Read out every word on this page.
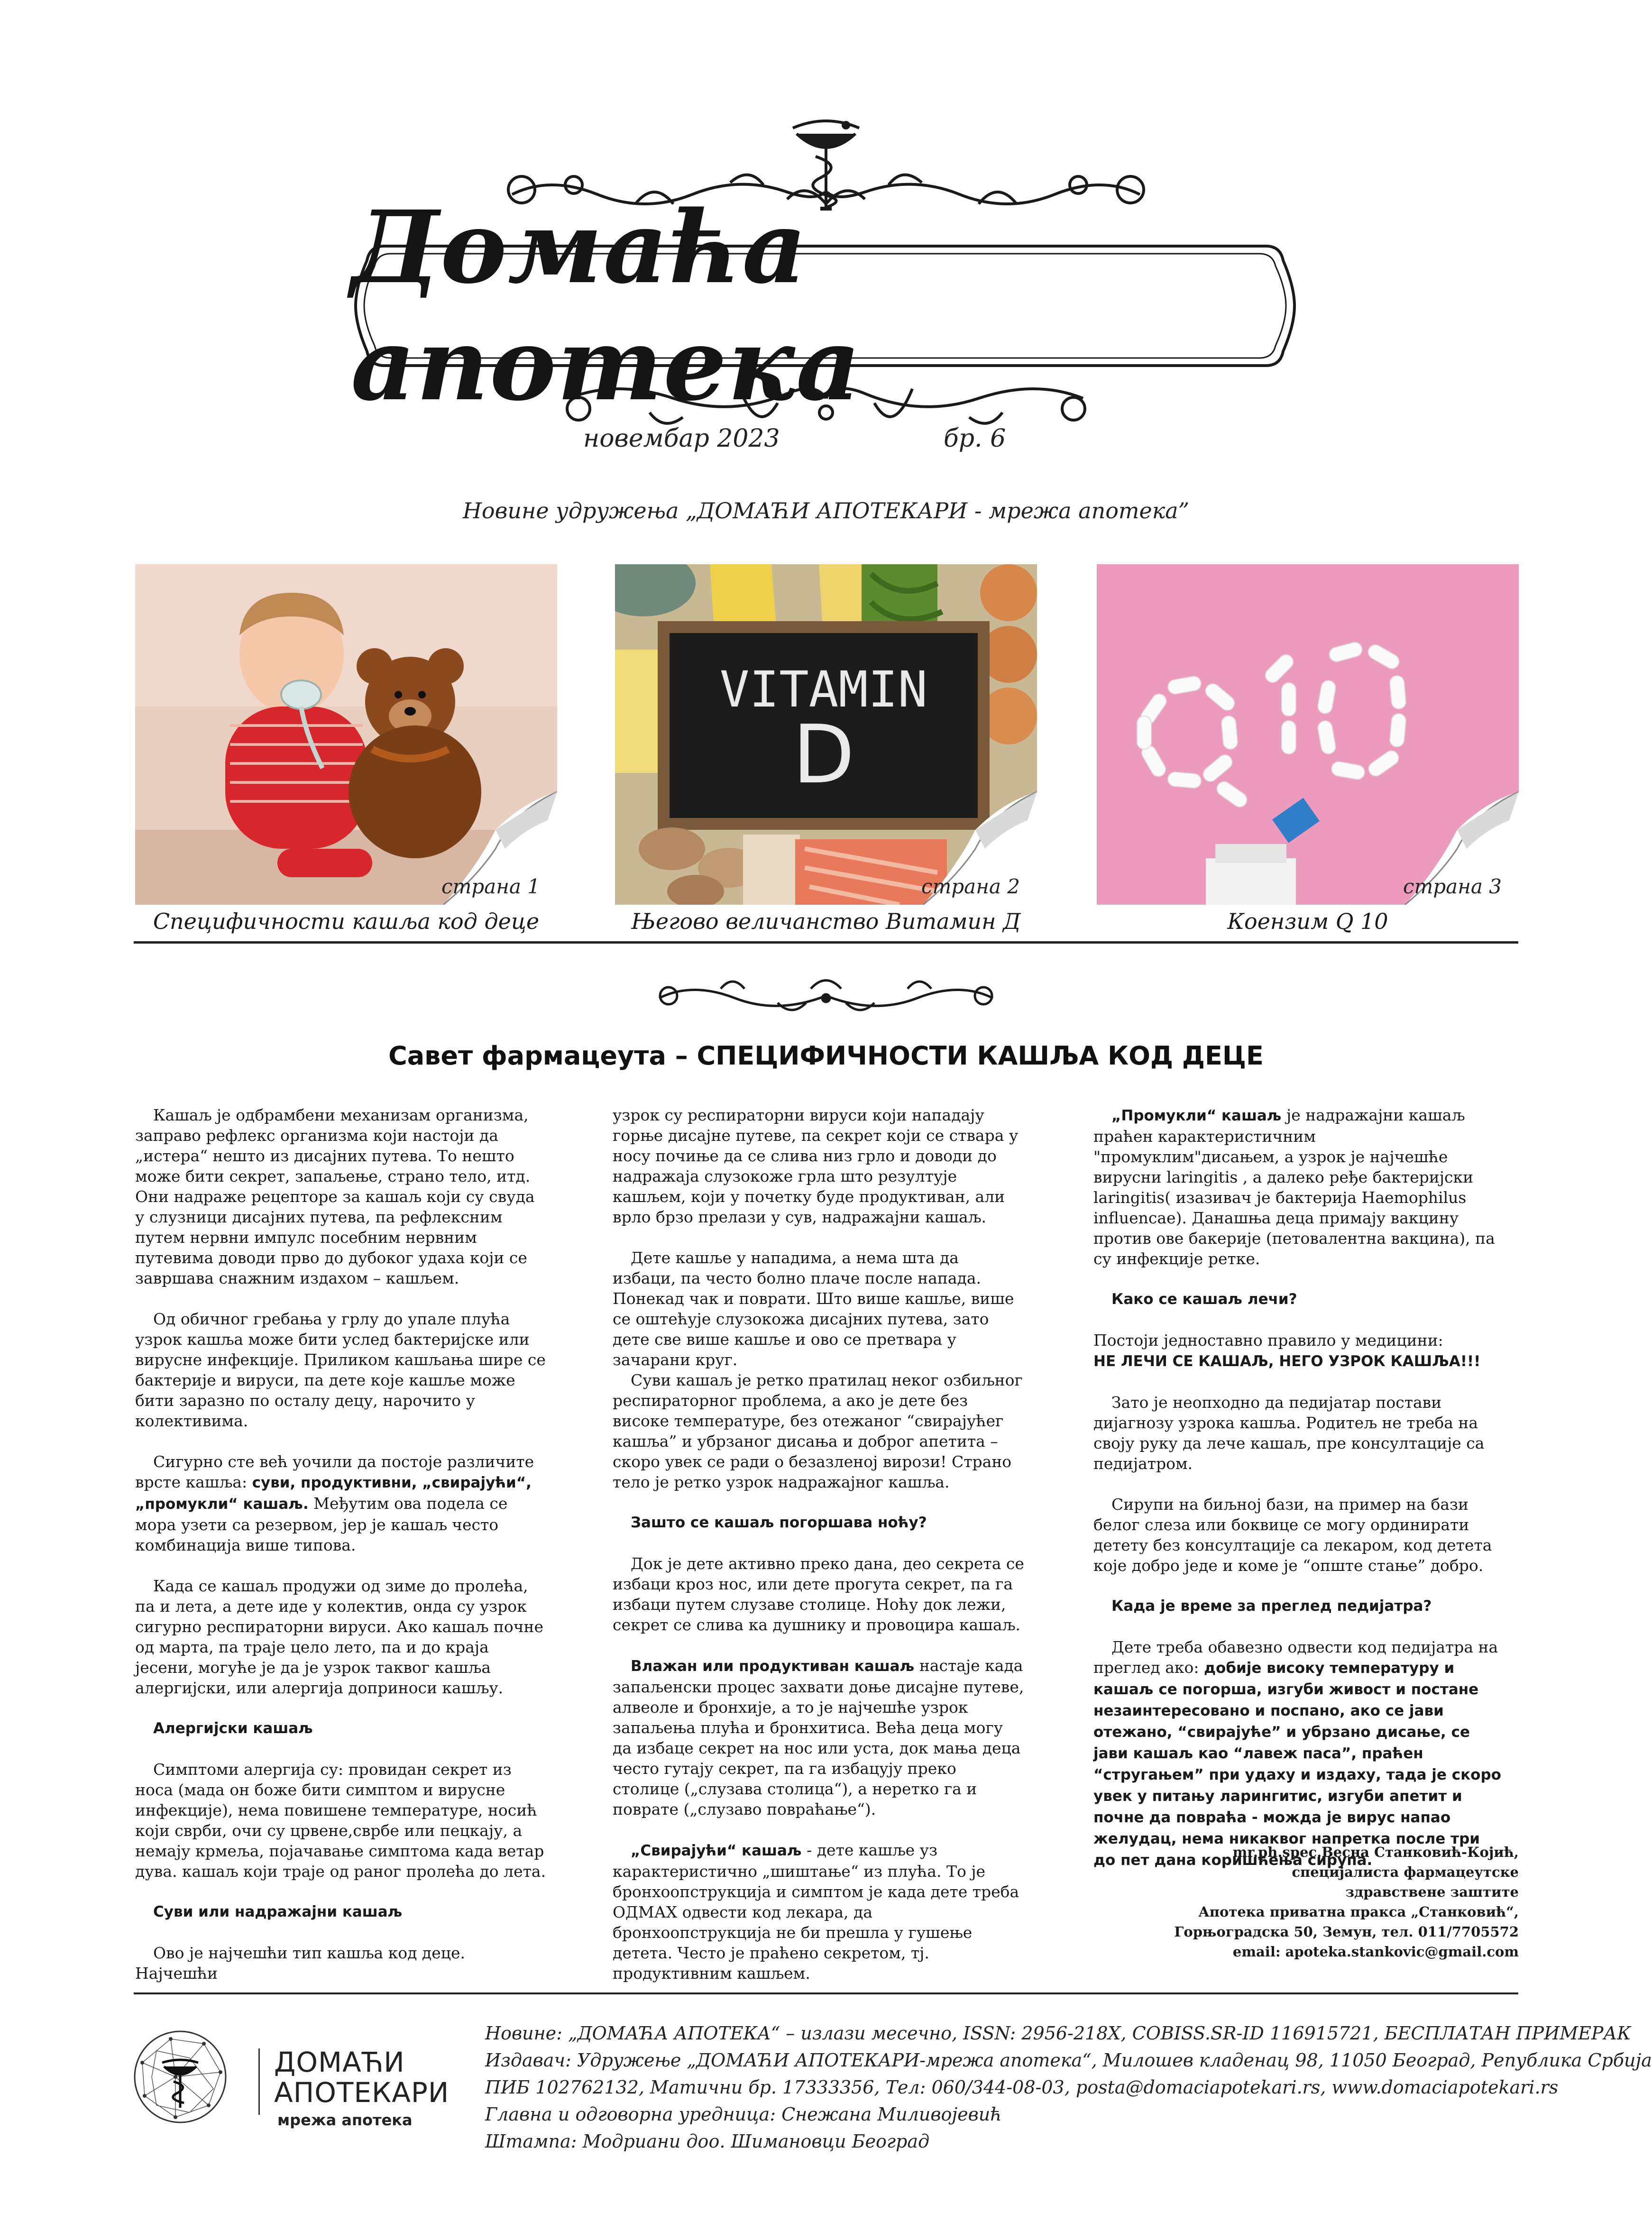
Домаћа апотека
новембар 2023	бр. 6
Новине удружења „ДОМАЋИ АПОТЕКАРИ - мрежа апотека”
страна 1
VITAMIN
D
страна 2	страна 3
Специфичности кашља код деце	Његово величанство Витамин Д	Коензим Q 10
Савет фармацеута – СПЕЦИФИЧНОСТИ КАШЉА КОД ДЕЦЕ

Кашаљ је одбрамбени механизам организма, заправо рефлекс организма који настоји да „истера“ нешто из дисајних путева. То нешто може бити секрет, запаљење, страно тело, итд. Они надраже рецепторе за кашаљ који су свуда у слузници дисајних путева, па рефлексним путем нервни импулс посебним нервним путевима доводи прво до дубоког удаха који се завршава снажним издахом – кашљем.

Од обичног гребања у грлу до упале плућа узрок кашља може бити услед бактеријске или вирусне инфекције. Приликом кашљања шире се бактерије и вируси, па дете које кашље може бити заразно по осталу децу, нарочито у колективима.

Сигурно сте већ уочили да постоје различите врсте кашља: суви, продуктивни, „свирајући“, „промукли“ кашаљ. Међутим ова подела се мора узети са резервом, јер је кашаљ често комбинација више типова.

Када се кашаљ продужи од зиме до пролећа, па и лета, а дете иде у колектив, онда су узрок сигурно респираторни вируси. Ако кашаљ почне од марта, па траје цело лето, па и до краја јесени, могуће је да је узрок таквог кашља алергијски, или алергија доприноси кашљу.

Алергијски кашаљ

Симптоми алергија су: провидан секрет из носа (мада он боже бити симптом и вирусне инфекције), нема повишене температуре, носић који сврби, очи су црвене,сврбе или пецкају, а немају крмеља, појачавање симптома када ветар дува. кашаљ који траје од раног пролећа до лета.

Суви или надражајни кашаљ

Ово је најчешћи тип кашља код деце. Најчешћи

узрок су респираторни вируси који нападају горње дисајне путеве, па секрет који се ствара у носу почиње да се слива низ грло и доводи до надражаја слузокоже грла што резултује кашљем, који у почетку буде продуктиван, али врло брзо прелази у сув, надражајни кашаљ.

Дете кашље у нападима, а нема шта да избаци, па често болно плаче после напада. Понекад чак и поврати. Што више кашље, више се оштећује слузокожа дисајних путева, зато дете све више кашље и ово се претвара у зачарани круг.

Суви кашаљ је ретко пратилац неког озбиљног респираторног проблема, а ако је дете без високе температуре, без отежаног “свирајућег кашља” и убрзаног дисања и доброг апетита – скоро увек се ради о безазленој вирози! Страно тело је ретко узрок надражајног кашља.

Зашто се кашаљ погоршава ноћу?

Док је дете активно преко дана, део секрета се избаци кроз нос, или дете прогута секрет, па га избаци путем слузаве столице. Ноћу док лежи, секрет се слива ка душнику и провоцира кашаљ.

Влажан или продуктиван кашаљ настаје када запаљенски процес захвати доње дисајне путеве, алвеоле и бронхије, а то је најчешће узрок запаљења плућа и бронхитиса. Већа деца могу да избаце секрет на нос или уста, док мања деца често гутају секрет, па га избацују преко столице („слузава столица“), а неретко га и поврате („слузаво повраћање“).

„Свирајући“ кашаљ - дете кашље уз карактеристично „шиштање“ из плућа. То је бронхоопструкција и симптом је када дете треба ОДМАХ одвести код лекара, да бронхоопструкција не би прешла у гушење детета. Често је праћено секретом, тј. продуктивним кашљем.

„Промукли“ кашаљ је надражајни кашаљ праћен карактеристичним "промуклим"дисањем, а узрок је најчешће вирусни laringitis , а далеко ређе бактеријски laringitis( изазивач је бактерија Haemophilus influencae). Данашња деца примају вакцину против ове бакерије (петовалентна вакцина), па су инфекције ретке.

Како се кашаљ лечи?

Постоји једноставно правило у медицини:
НЕ ЛЕЧИ СЕ КАШАЉ, НЕГО УЗРОК КАШЉА!!!

Зато је неопходно да педијатар постави дијагнозу узрока кашља. Родитељ не треба на своју руку да лече кашаљ, пре консултације са педијатром.

Сирупи на биљној бази, на пример на бази белог слеза или боквице се могу ординирати детету без консултације са лекаром, код детета које добро једе и коме је “опште стање” добро.

Када је време за преглед педијатра?

Дете треба обавезно одвести код педијатра на преглед ако: добије високу температуру и кашаљ се погорша, изгуби живост и постане незаинтересовано и поспано, ако се јави отежано, “свирајуће” и убрзано дисање, се јави кашаљ као “лавеж паса”, праћен “стругањем” при удаху и издаху, тада је скоро увек у питању ларингитис, изгуби апетит и почне да повраћа - можда је вирус напао желудац, нема никаквог напретка после три до пет дана коришћења сирупа.

mr.ph.spec.Весна Станковић-Којић,
специјалиста фармацеутске
здравствене заштите
Апотека приватна пракса „Станковић“,
Горњоградска 50, Земун, тел. 011/7705572
email: apoteka.stankovic@gmail.com
ДОМАЋИ
АПОТЕКАРИ
мрежа апотека
Новине: „ДОМАЋА АПОТЕКА“ – излази месечно, ISSN: 2956-218X, COBISS.SR-ID 116915721, БЕСПЛАТАН ПРИМЕРАК
Издавач: Удружење „ДОМАЋИ АПОТЕКАРИ-мрежа апотека“, Милошев кладенац 98, 11050 Београд, Република Србија
ПИБ 102762132, Матични бр. 17333356, Тел: 060/344-08-03, posta@domaciapotekari.rs, www.domaciapotekari.rs
Главна и одговорна уредница: Снежана Миливојевић
Штампа: Модриани доо. Шимановци Београд
